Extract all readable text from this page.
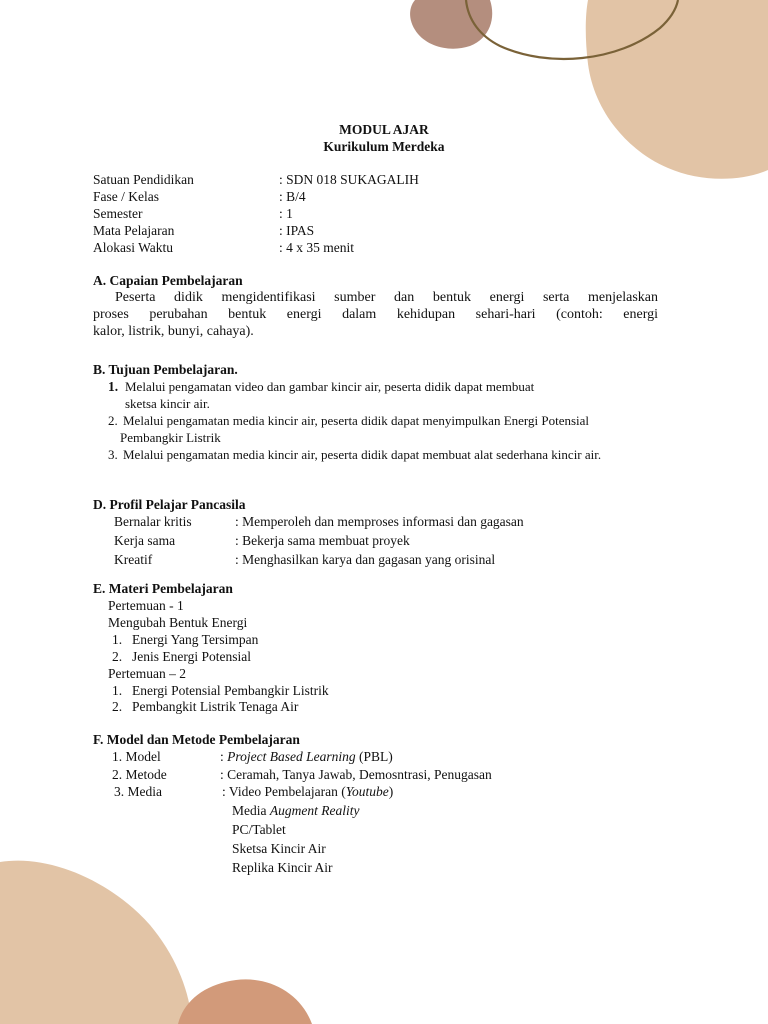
MODUL AJAR
Kurikulum Merdeka
Satuan Pendidikan	: SDN 018 SUKAGALIH
Fase / Kelas	: B/4
Semester	: 1
Mata Pelajaran	: IPAS
Alokasi Waktu	: 4 x 35 menit
A. Capaian Pembelajaran
Peserta didik mengidentifikasi sumber dan bentuk energi serta menjelaskan
proses perubahan bentuk energi dalam kehidupan sehari-hari (contoh: energi
kalor, listrik, bunyi, cahaya).
B. Tujuan Pembelajaran.
1. Melalui pengamatan video dan gambar kincir air, peserta didik dapat membuat
sketsa kincir air.
2. Melalui pengamatan media kincir air, peserta didik dapat menyimpulkan Energi Potensial
Pembangkir Listrik
3. Melalui pengamatan media kincir air, peserta didik dapat membuat alat sederhana kincir air.
D. Profil Pelajar Pancasila
Bernalar kritis	: Memperoleh dan memproses informasi dan gagasan
Kerja sama	: Bekerja sama membuat proyek
Kreatif	: Menghasilkan karya dan gagasan yang orisinal
E. Materi Pembelajaran
Pertemuan - 1
Mengubah Bentuk Energi
1. Energi Yang Tersimpan
2. Jenis Energi Potensial
Pertemuan – 2
1. Energi Potensial Pembangkir Listrik
2. Pembangkit Listrik Tenaga Air
F. Model dan Metode Pembelajaran
1. Model	: Project Based Learning (PBL)
2. Metode	: Ceramah, Tanya Jawab, Demosntrasi, Penugasan
3. Media	: Video Pembelajaran (Youtube)
Media Augment Reality
PC/Tablet
Sketsa Kincir Air
Replika Kincir Air
